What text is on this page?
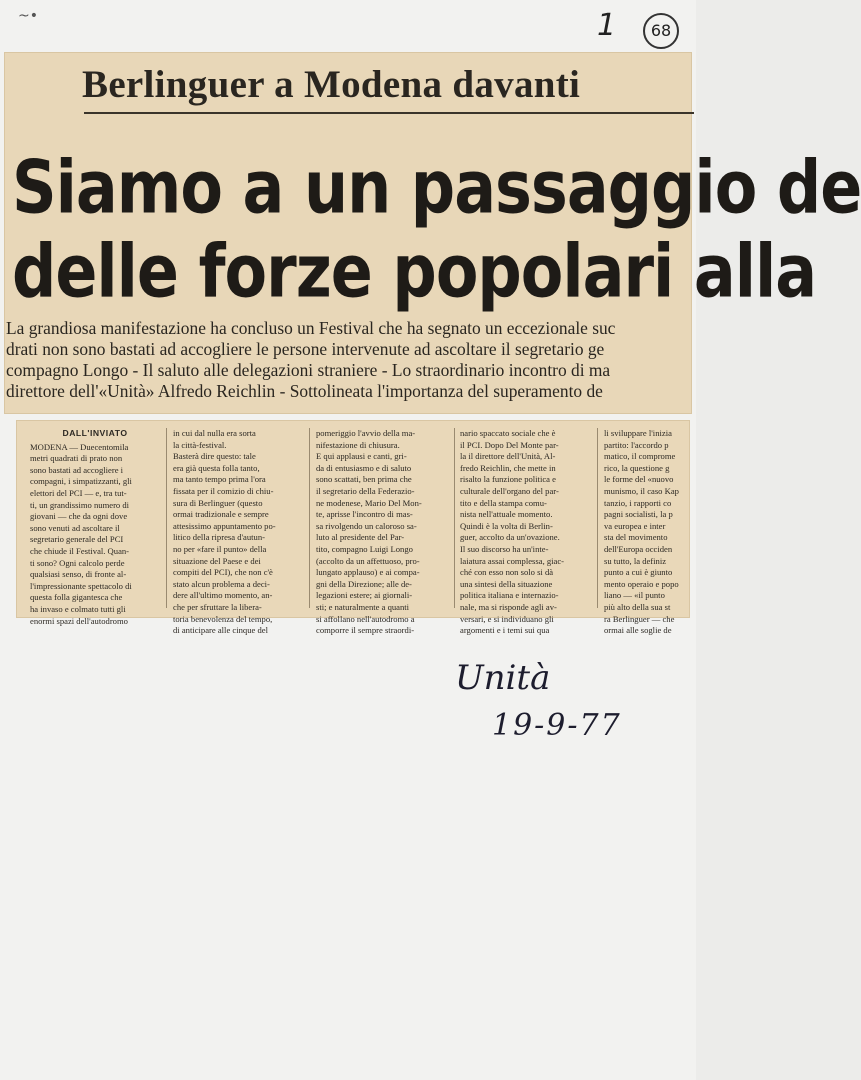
~•	1	68
Berlinguer a Modena davanti
Siamo a un passaggio de
delle forze popolari alla
La grandiosa manifestazione ha concluso un Festival che ha segnato un eccezionale suc
drati non sono bastati ad accogliere le persone intervenute ad ascoltare il segretario ge
compagno Longo - Il saluto alle delegazioni straniere - Lo straordinario incontro di ma
direttore dell'«Unità» Alfredo Reichlin - Sottolineata l'importanza del superamento de
DALL'INVIATO
MODENA — Duecentomila
metri quadrati di prato non
sono bastati ad accogliere i
compagni, i simpatizzanti, gli
elettori del PCI — e, tra tut-
ti, un grandissimo numero di
giovani — che da ogni dove
sono venuti ad ascoltare il
segretario generale del PCI
che chiude il Festival. Quan-
ti sono? Ogni calcolo perde
qualsiasi senso, di fronte al-
l'impressionante spettacolo di
questa folla gigantesca che
ha invaso e colmato tutti gli
enormi spazi dell'autodromo
in cui dal nulla era sorta
la città-festival.
Basterà dire questo: tale
era già questa folla tanto,
ma tanto tempo prima l'ora
fissata per il comizio di chiu-
sura di Berlinguer (questo
ormai tradizionale e sempre
attesissimo appuntamento po-
litico della ripresa d'autun-
no per «fare il punto» della
situazione del Paese e dei
compiti del PCI), che non c'è
stato alcun problema a deci-
dere all'ultimo momento, an-
che per sfruttare la libera-
toria benevolenza del tempo,
di anticipare alle cinque del
pomeriggio l'avvio della ma-
nifestazione di chiusura.
E qui applausi e canti, gri-
da di entusiasmo e di saluto
sono scattati, ben prima che
il segretario della Federazio-
ne modenese, Mario Del Mon-
te, aprisse l'incontro di mas-
sa rivolgendo un caloroso sa-
luto al presidente del Par-
tito, compagno Luigi Longo
(accolto da un affettuoso, pro-
lungato applauso) e ai compa-
gni della Direzione; alle de-
legazioni estere; ai giornali-
sti; e naturalmente a quanti
si affollano nell'autodromo a
comporre il sempre straordi-
nario spaccato sociale che è
il PCI. Dopo Del Monte par-
la il direttore dell'Unità, Al-
fredo Reichlin, che mette in
risalto la funzione politica e
culturale dell'organo del par-
tito e della stampa comu-
nista nell'attuale momento.
Quindi è la volta di Berlin-
guer, accolto da un'ovazione.
Il suo discorso ha un'inte-
laiatura assai complessa, giac-
ché con esso non solo si dà
una sintesi della situazione
politica italiana e internazio-
nale, ma si risponde agli av-
versari, e si individuano gli
argomenti e i temi sui qua
li sviluppare l'inizia
partito: l'accordo p
matico, il comprome
rico, la questione g
le forme del «nuovo
munismo, il caso Kap
tanzio, i rapporti co
pagni socialisti, la p
va europea e inter
sta del movimento
dell'Europa occiden
su tutto, la definiz
punto a cui è giunto
mento operaio e popo
liano — «il punto
più alto della sua st
ra Berlinguer — che
ormai alle soglie de
Unità
19-9-77
